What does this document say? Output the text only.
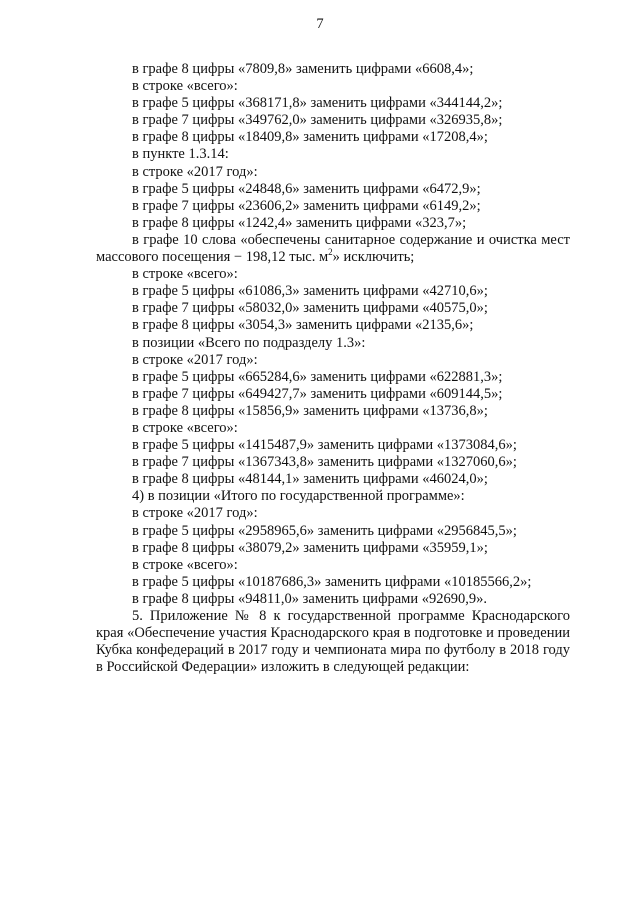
7

в графе 8 цифры «7809,8» заменить цифрами «6608,4»;

в строке «всего»:

в графе 5 цифры «368171,8» заменить цифрами «344144,2»;

в графе 7 цифры «349762,0» заменить цифрами «326935,8»;

в графе 8 цифры «18409,8» заменить цифрами «17208,4»;

в пункте 1.3.14:

в строке «2017 год»:

в графе 5 цифры «24848,6» заменить цифрами «6472,9»;

в графе 7 цифры «23606,2» заменить цифрами «6149,2»;

в графе 8 цифры «1242,4» заменить цифрами «323,7»;

в графе 10 слова «обеспечены санитарное содержание и очистка мест массового посещения − 198,12 тыс. $м^2$» исключить;

в строке «всего»:

в графе 5 цифры «61086,3» заменить цифрами «42710,6»;

в графе 7 цифры «58032,0» заменить цифрами «40575,0»;

в графе 8 цифры «3054,3» заменить цифрами «2135,6»;

в позиции «Всего по подразделу 1.3»:

в строке «2017 год»:

в графе 5 цифры «665284,6» заменить цифрами «622881,3»;

в графе 7 цифры «649427,7» заменить цифрами «609144,5»;

в графе 8 цифры «15856,9» заменить цифрами «13736,8»;

в строке «всего»:

в графе 5 цифры «1415487,9» заменить цифрами «1373084,6»;

в графе 7 цифры «1367343,8» заменить цифрами «1327060,6»;

в графе 8 цифры «48144,1» заменить цифрами «46024,0»;

4) в позиции «Итого по государственной программе»:

в строке «2017 год»:

в графе 5 цифры «2958965,6» заменить цифрами «2956845,5»;

в графе 8 цифры «38079,2» заменить цифрами «35959,1»;

в строке «всего»:

в графе 5 цифры «10187686,3» заменить цифрами «10185566,2»;

в графе 8 цифры «94811,0» заменить цифрами «92690,9».

5. Приложение № 8 к государственной программе Краснодарского края «Обеспечение участия Краснодарского края в подготовке и проведении Кубка конфедераций в 2017 году и чемпионата мира по футболу в 2018 году в Российской Федерации» изложить в следующей редакции:
